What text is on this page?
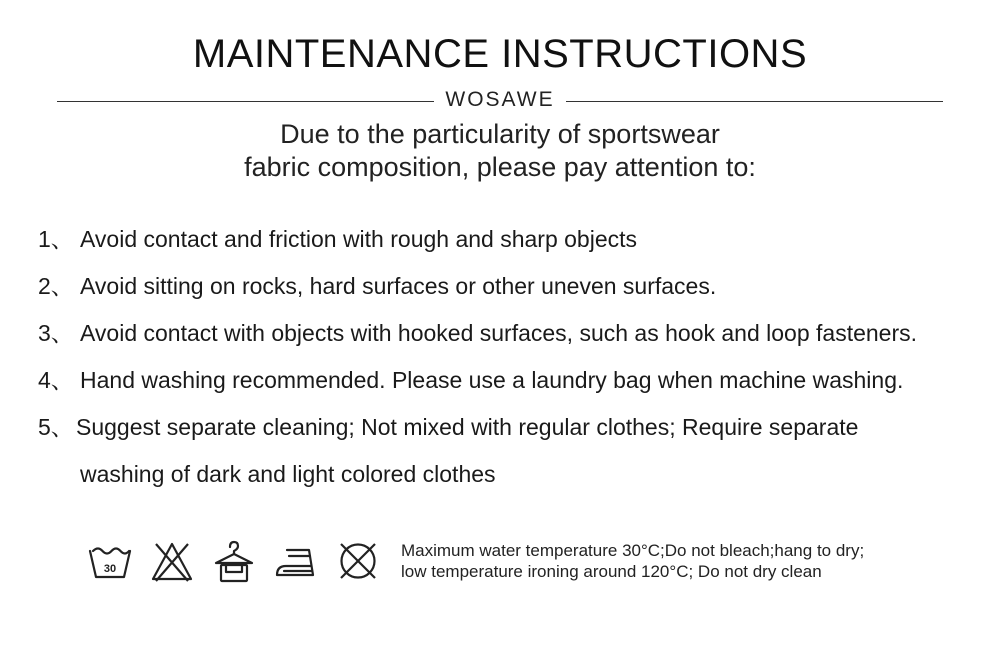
MAINTENANCE INSTRUCTIONS
WOSAWE
Due to the particularity of sportswear
fabric composition, please pay attention to:
1、 Avoid contact and friction with rough and sharp objects
2、 Avoid sitting on rocks, hard surfaces or other uneven surfaces.
3、 Avoid contact with objects with hooked surfaces, such as hook and loop fasteners.
4、 Hand washing recommended. Please use a laundry bag when machine washing.
5、 Suggest separate cleaning; Not mixed with regular clothes; Require separate
washing of dark and light colored clothes
30
Maximum water temperature 30°C;Do not bleach;hang to dry;
low temperature ironing around 120°C; Do not dry clean
